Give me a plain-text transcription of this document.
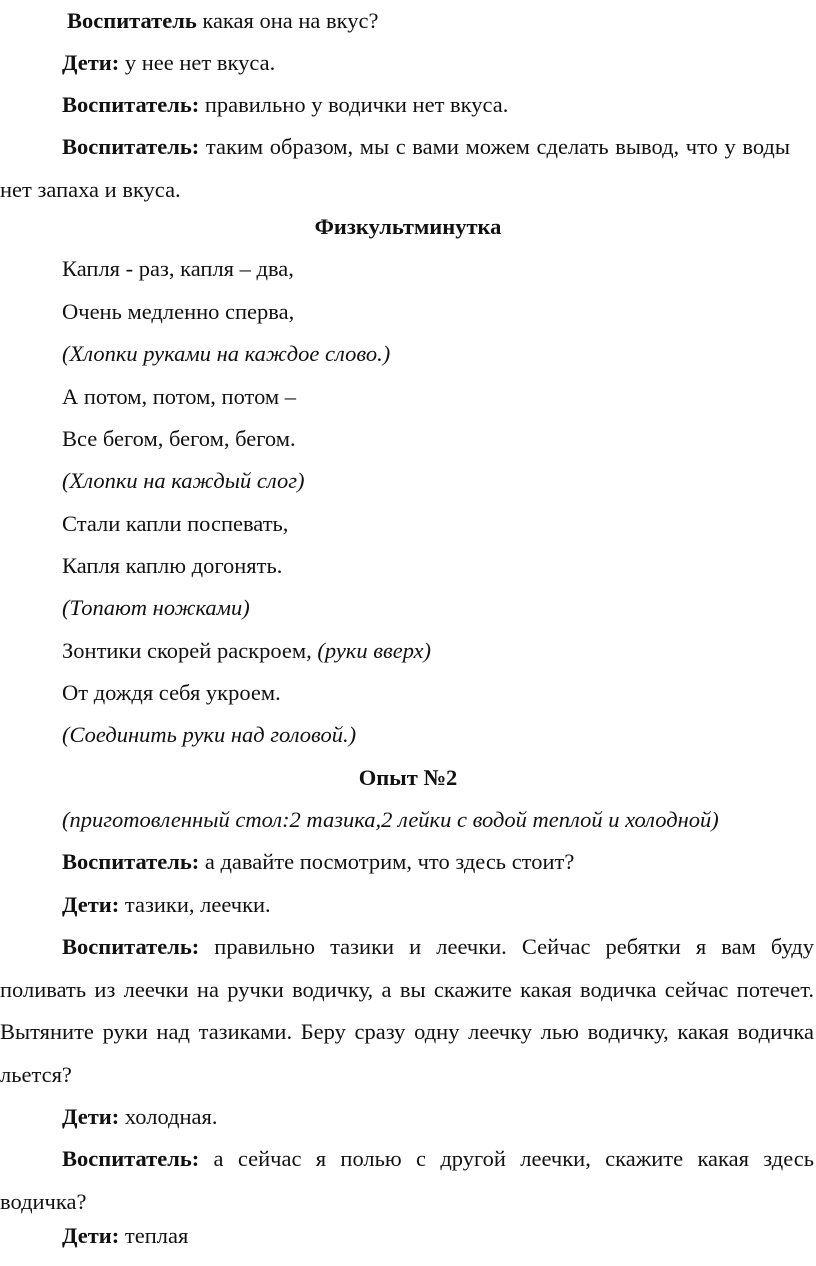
Воспитатель какая она на вкус?
Дети: у нее нет вкуса.
Воспитатель: правильно у водички нет вкуса.
Воспитатель: таким образом, мы с вами можем сделать вывод, что у воды нет запаха и вкуса.
Физкультминутка
Капля - раз, капля – два,
Очень медленно сперва,
(Хлопки руками на каждое слово.)
А потом, потом, потом –
Все бегом, бегом, бегом.
(Хлопки на каждый слог)
Стали капли поспевать,
Капля каплю догонять.
(Топают ножками)
Зонтики скорей раскроем, (руки вверх)
От дождя себя укроем.
(Соединить руки над головой.)
Опыт №2
(приготовленный стол:2 тазика,2 лейки с водой теплой и холодной)
Воспитатель: а давайте посмотрим, что здесь стоит?
Дети: тазики, леечки.
Воспитатель: правильно тазики и леечки. Сейчас ребятки я вам буду поливать из леечки на ручки водичку, а вы скажите какая водичка сейчас потечет. Вытяните руки над тазиками. Беру сразу одну леечку лью водичку, какая водичка льется?
Дети: холодная.
Воспитатель: а сейчас я полью с другой леечки, скажите какая здесь водичка?
Дети: теплая
